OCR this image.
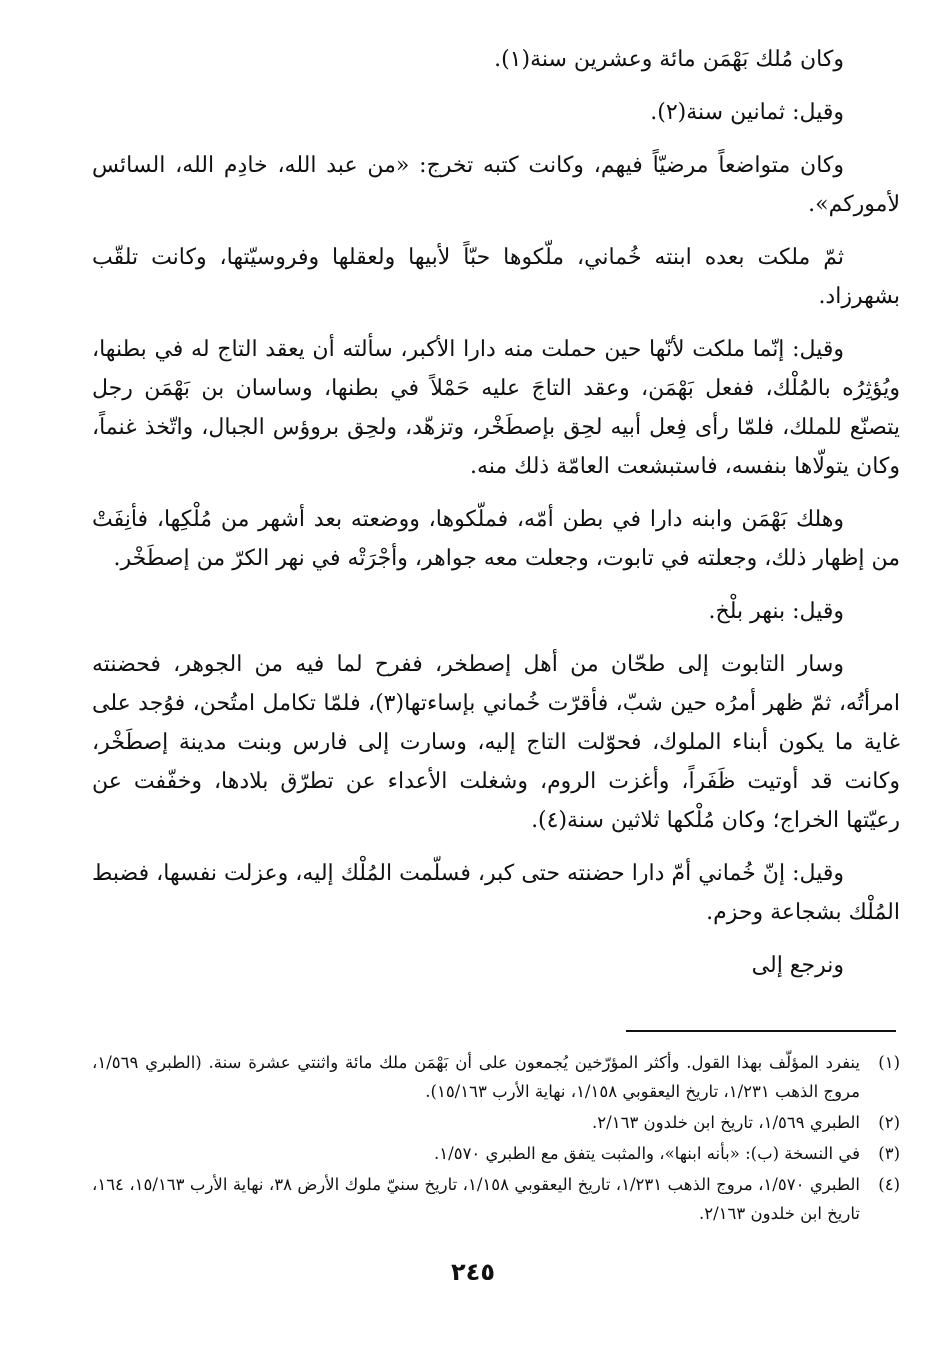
وكان مُلك بَهْمَن مائة وعشرين سنة(١).

وقيل: ثمانين سنة(٢).

وكان متواضعاً مرضيّاً فيهم، وكانت كتبه تخرج: «من عبد الله، خادِم الله، السائس لأموركم».

ثمّ ملكت بعده ابنته خُماني، ملّكوها حبّاً لأبيها ولعقلها وفروسيّتها، وكانت تلقّب بشهرزاد.

وقيل: إنّما ملكت لأنّها حين حملت منه دارا الأكبر، سألته أن يعقد التاج له في بطنها، ويُؤثِرُه بالمُلْك، ففعل بَهْمَن، وعقد التاجَ عليه حَمْلاً في بطنها، وساسان بن بَهْمَن رجل يتصنّع للملك، فلمّا رأى فِعل أبيه لحِق بإصطَخْر، وتزهّد، ولحِق بروؤس الجبال، واتّخذ غنماً، وكان يتولّاها بنفسه، فاستبشعت العامّة ذلك منه.

وهلك بَهْمَن وابنه دارا في بطن أمّه، فملّكوها، ووضعته بعد أشهر من مُلْكِها، فأنِفَتْ من إظهار ذلك، وجعلته في تابوت، وجعلت معه جواهر، وأجْرَتْه في نهر الكرّ من إصطَخْر.

وقيل: بنهر بلْخ.

وسار التابوت إلى طحّان من أهل إصطخر، ففرح لما فيه من الجوهر، فحضنته امرأتُه، ثمّ ظهر أمرُه حين شبّ، فأقرّت خُماني بإساءتها(٣)، فلمّا تكامل امتُحن، فوُجد على غاية ما يكون أبناء الملوك، فحوّلت التاج إليه، وسارت إلى فارس وبنت مدينة إصطَخْر، وكانت قد أوتيت ظَفَراً، وأغزت الروم، وشغلت الأعداء عن تطرّق بلادها، وخفّفت عن رعيّتها الخراج؛ وكان مُلْكها ثلاثين سنة(٤).

وقيل: إنّ خُماني أمّ دارا حضنته حتى كبر، فسلّمت المُلْك إليه، وعزلت نفسها، فضبط المُلْك بشجاعة وحزم.

ونرجع إلى

(١)
ينفرد المؤلّف بهذا القول. وأكثر المؤرّخين يُجمعون على أن بَهْمَن ملك مائة واثنتي عشرة سنة. (الطبري ١/٥٦٩، مروج الذهب ١/٢٣١، تاريخ اليعقوبي ١/١٥٨، نهاية الأرب ١٥/١٦٣).
(٢)
الطبري ١/٥٦٩، تاريخ ابن خلدون ٢/١٦٣.
(٣)
في النسخة (ب): «بأنه ابنها»، والمثبت يتفق مع الطبري ١/٥٧٠.
(٤)
الطبري ١/٥٧٠، مروج الذهب ١/٢٣١، تاريخ اليعقوبي ١/١٥٨، تاريخ سنيّ ملوك الأرض ٣٨، نهاية الأرب ١٥/١٦٣، ١٦٤، تاريخ ابن خلدون ٢/١٦٣.
٢٤٥
